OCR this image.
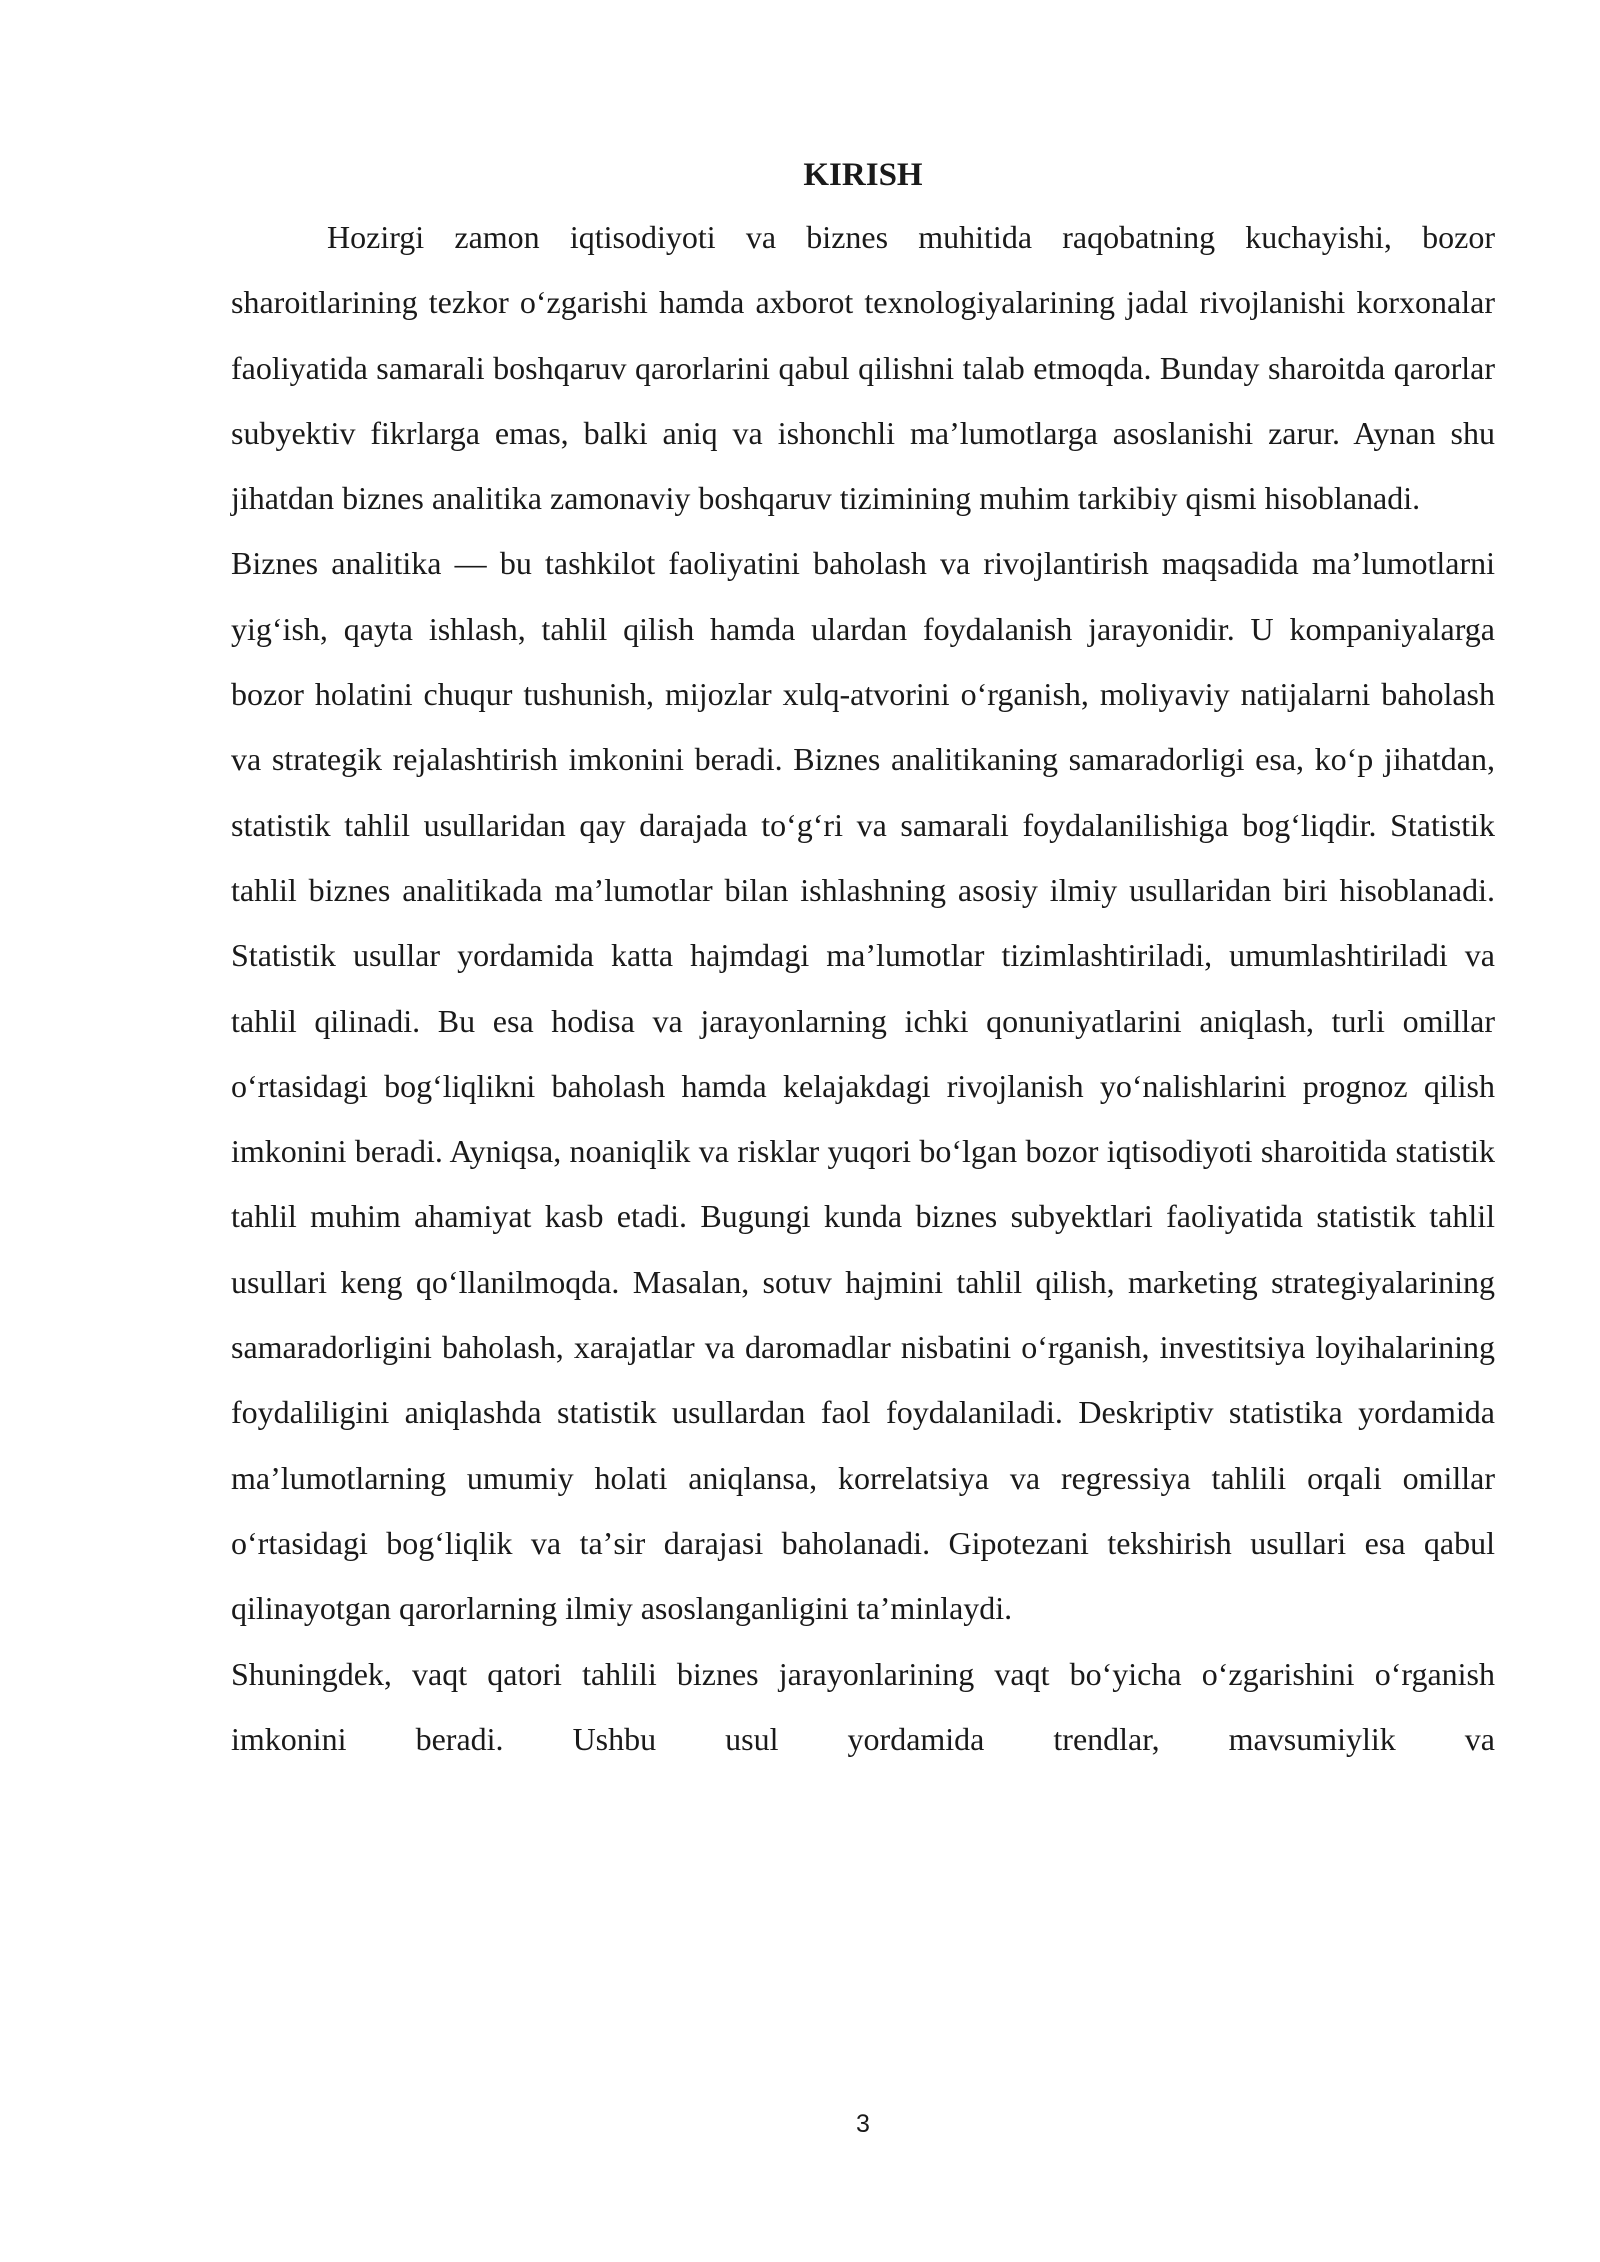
KIRISH

Hozirgi zamon iqtisodiyoti va biznes muhitida raqobatning kuchayishi, bozor sharoitlarining tezkor oʻzgarishi hamda axborot texnologiyalarining jadal rivojlanishi korxonalar faoliyatida samarali boshqaruv qarorlarini qabul qilishni talab etmoqda. Bunday sharoitda qarorlar subyektiv fikrlarga emas, balki aniq va ishonchli maʼlumotlarga asoslanishi zarur. Aynan shu jihatdan biznes analitika zamonaviy boshqaruv tizimining muhim tarkibiy qismi hisoblanadi.

Biznes analitika — bu tashkilot faoliyatini baholash va rivojlantirish maqsadida maʼlumotlarni yigʻish, qayta ishlash, tahlil qilish hamda ulardan foydalanish jarayonidir. U kompaniyalarga bozor holatini chuqur tushunish, mijozlar xulq-atvorini oʻrganish, moliyaviy natijalarni baholash va strategik rejalashtirish imkonini beradi. Biznes analitikaning samaradorligi esa, koʻp jihatdan, statistik tahlil usullaridan qay darajada toʻgʻri va samarali foydalanilishiga bogʻliqdir. Statistik tahlil biznes analitikada maʼlumotlar bilan ishlashning asosiy ilmiy usullaridan biri hisoblanadi. Statistik usullar yordamida katta hajmdagi maʼlumotlar tizimlashtiriladi, umumlashtiriladi va tahlil qilinadi. Bu esa hodisa va jarayonlarning ichki qonuniyatlarini aniqlash, turli omillar oʻrtasidagi bogʻliqlikni baholash hamda kelajakdagi rivojlanish yoʻnalishlarini prognoz qilish imkonini beradi. Ayniqsa, noaniqlik va risklar yuqori boʻlgan bozor iqtisodiyoti sharoitida statistik tahlil muhim ahamiyat kasb etadi. Bugungi kunda biznes subyektlari faoliyatida statistik tahlil usullari keng qoʻllanilmoqda. Masalan, sotuv hajmini tahlil qilish, marketing strategiyalarining samaradorligini baholash, xarajatlar va daromadlar nisbatini oʻrganish, investitsiya loyihalarining foydaliligini aniqlashda statistik usullardan faol foydalaniladi. Deskriptiv statistika yordamida maʼlumotlarning umumiy holati aniqlansa, korrelatsiya va regressiya tahlili orqali omillar oʻrtasidagi bogʻliqlik va taʼsir darajasi baholanadi. Gipotezani tekshirish usullari esa qabul qilinayotgan qarorlarning ilmiy asoslanganligini taʼminlaydi.

Shuningdek, vaqt qatori tahlili biznes jarayonlarining vaqt boʻyicha oʻzgarishini oʻrganish imkonini beradi. Ushbu usul yordamida trendlar, mavsumiylik va

3
